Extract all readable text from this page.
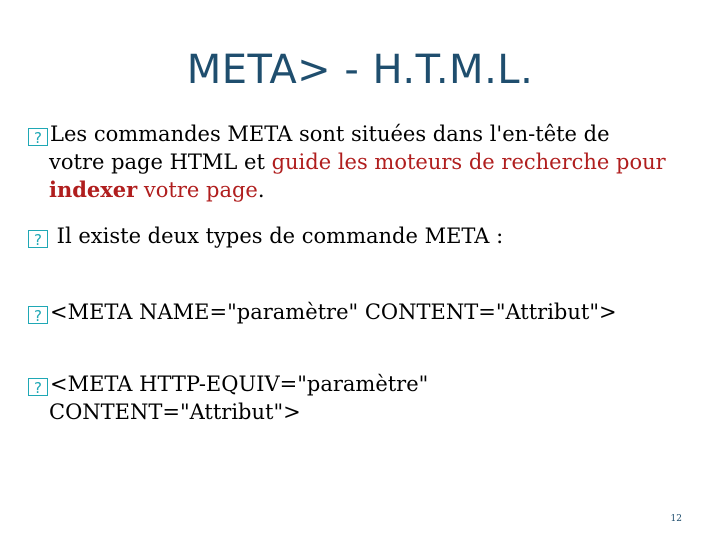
META> - H.T.M.L.
? Les commandes META sont situées dans l'en-tête de
votre page HTML et guide les moteurs de recherche pour
indexer votre page.
? Il existe deux types de commande META :
? <META NAME="paramètre" CONTENT="Attribut">
? <META HTTP-EQUIV="paramètre"
CONTENT="Attribut">
12
